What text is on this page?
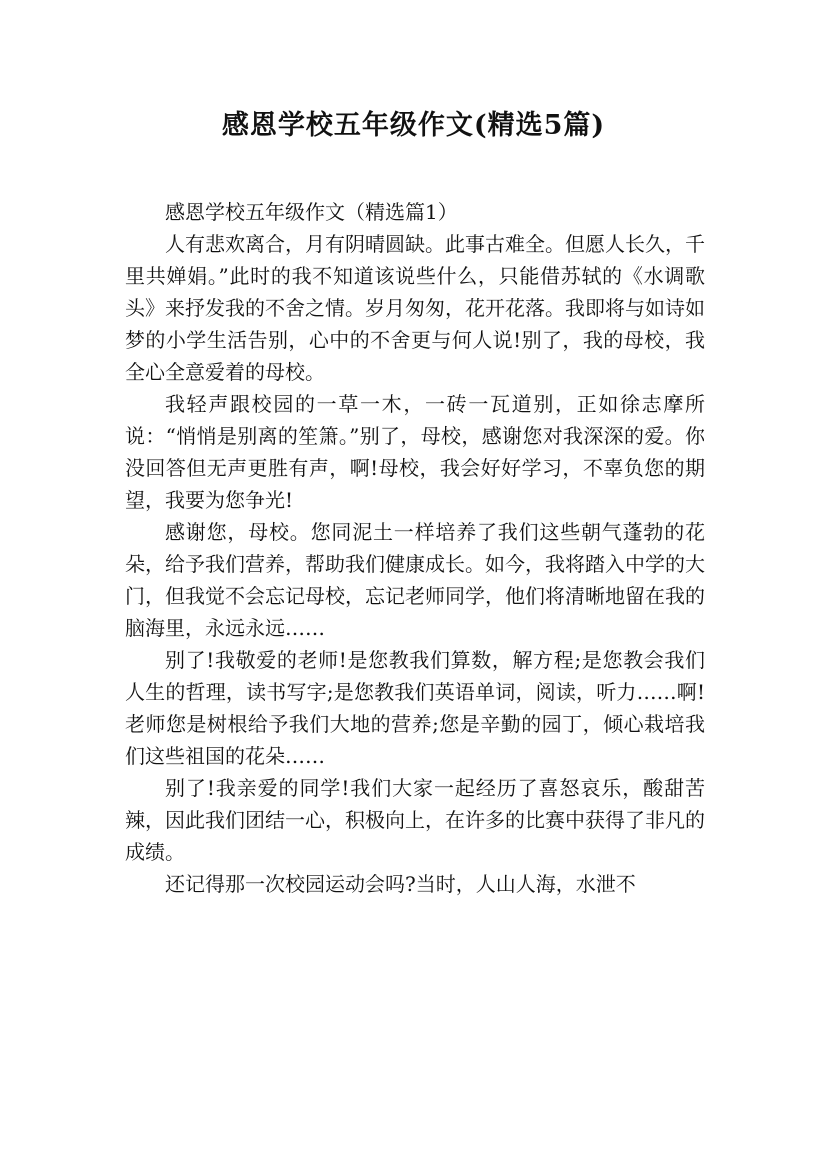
感恩学校五年级作文(精选5篇)

感恩学校五年级作文（精选篇1）

人有悲欢离合，月有阴晴圆缺。此事古难全。但愿人长久，千里共婵娟。”此时的我不知道该说些什么，只能借苏轼的《水调歌头》来抒发我的不舍之情。岁月匆匆，花开花落。我即将与如诗如梦的小学生活告别，心中的不舍更与何人说!别了，我的母校，我全心全意爱着的母校。

我轻声跟校园的一草一木，一砖一瓦道别，正如徐志摩所说：“悄悄是别离的笙箫。”别了，母校，感谢您对我深深的爱。你没回答但无声更胜有声，啊!母校，我会好好学习，不辜负您的期望，我要为您争光!

感谢您，母校。您同泥土一样培养了我们这些朝气蓬勃的花朵，给予我们营养，帮助我们健康成长。如今，我将踏入中学的大门，但我觉不会忘记母校，忘记老师同学，他们将清晰地留在我的脑海里，永远永远……

别了!我敬爱的老师!是您教我们算数，解方程;是您教会我们人生的哲理，读书写字;是您教我们英语单词，阅读，听力……啊!老师您是树根给予我们大地的营养;您是辛勤的园丁，倾心栽培我们这些祖国的花朵……

别了!我亲爱的同学!我们大家一起经历了喜怒哀乐，酸甜苦辣，因此我们团结一心，积极向上，在许多的比赛中获得了非凡的成绩。

还记得那一次校园运动会吗?当时，人山人海，水泄不
